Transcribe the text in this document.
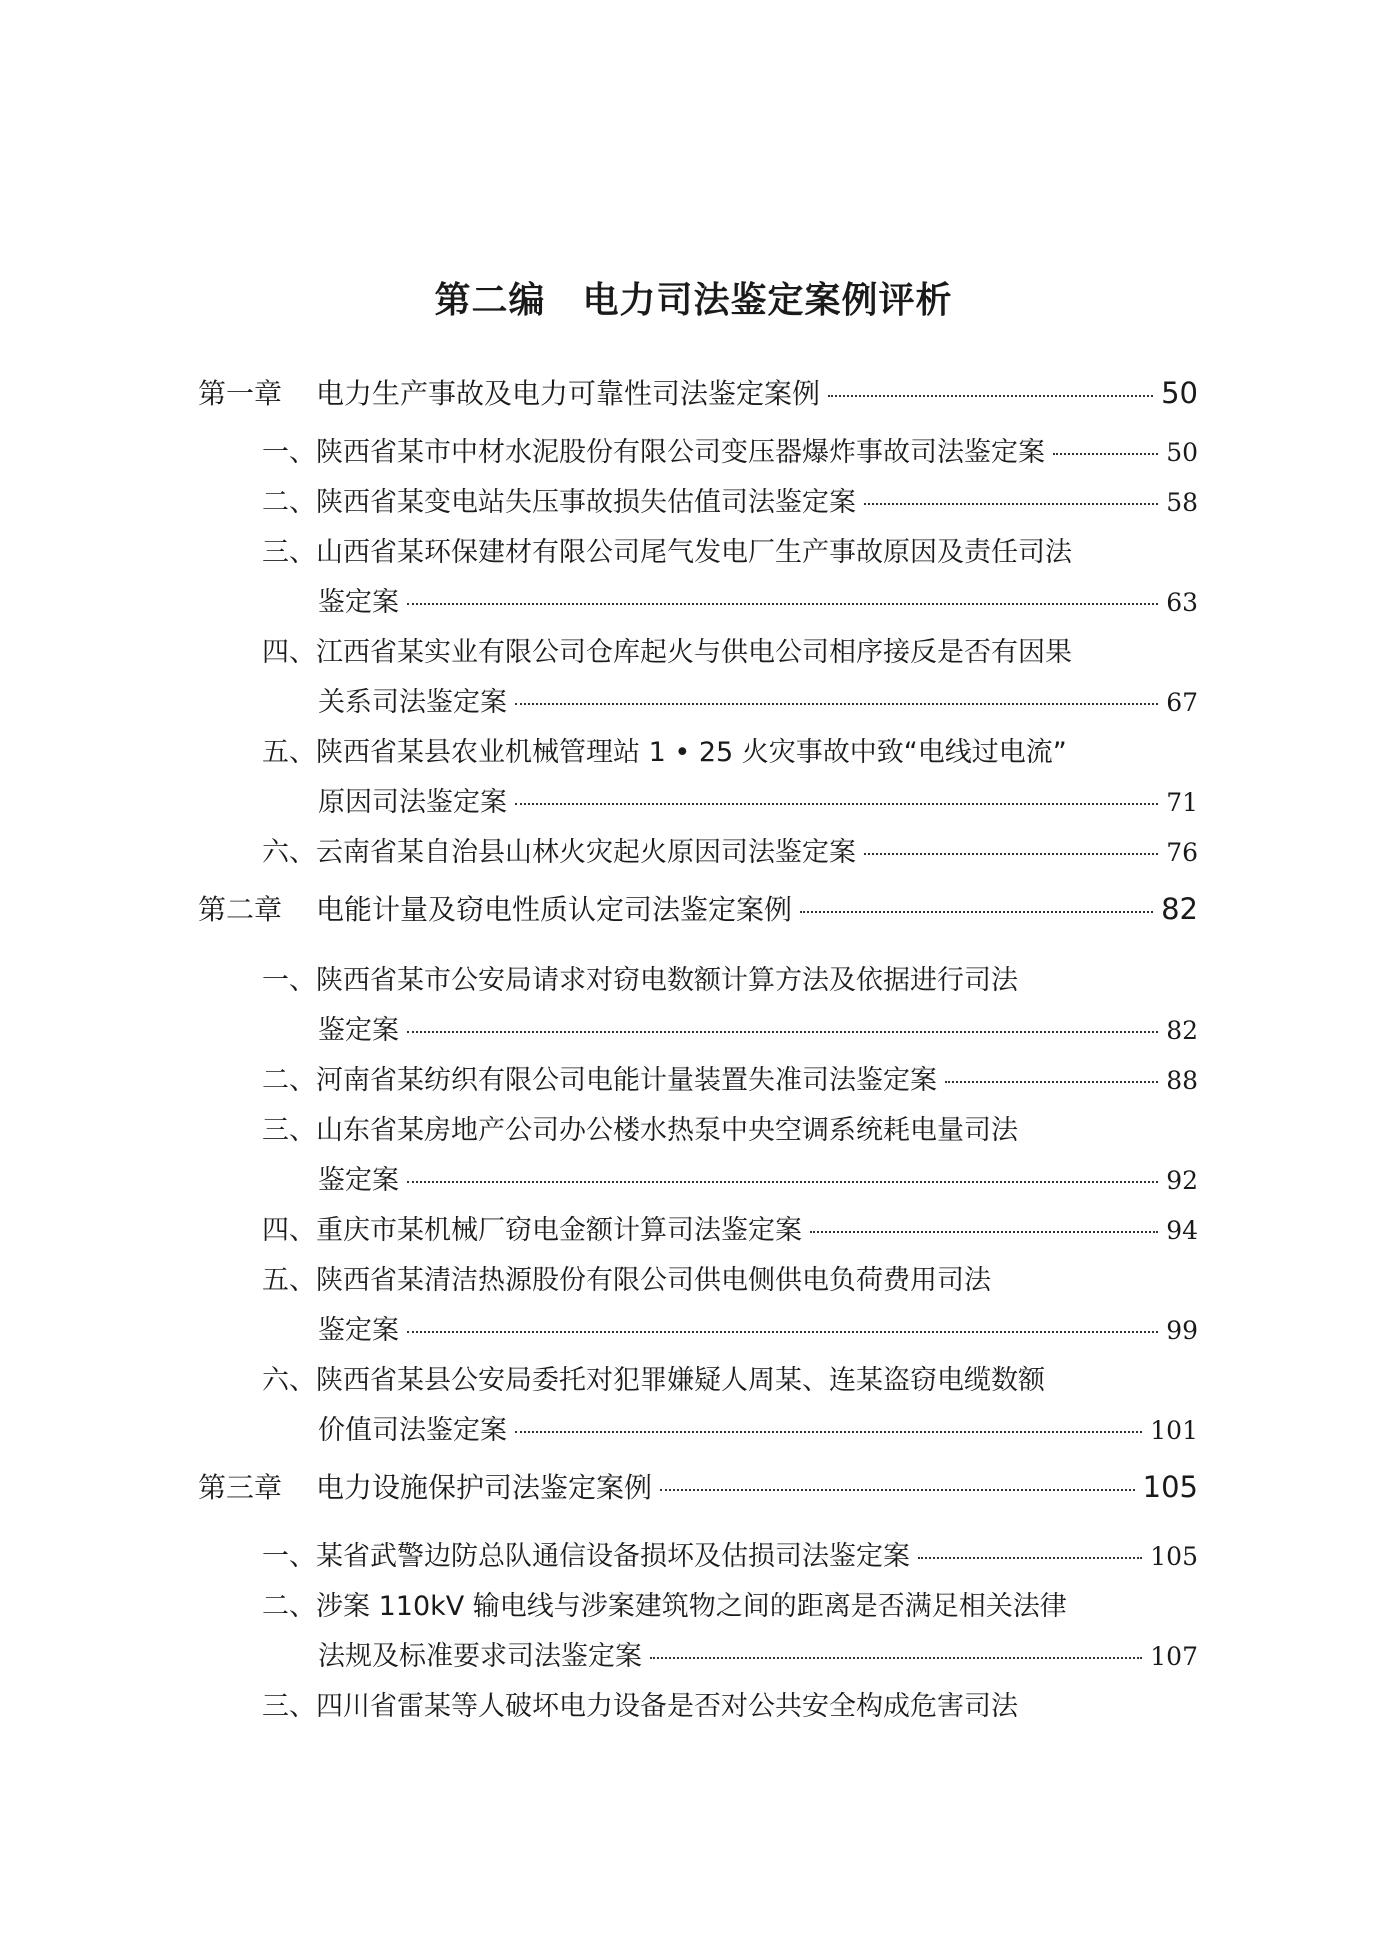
第二编　电力司法鉴定案例评析
第一章	电力生产事故及电力可靠性司法鉴定案例	50
一、 陕西省某市中材水泥股份有限公司变压器爆炸事故司法鉴定案	50
二、 陕西省某变电站失压事故损失估值司法鉴定案	58
三、 山西省某环保建材有限公司尾气发电厂生产事故原因及责任司法
鉴定案	63
四、 江西省某实业有限公司仓库起火与供电公司相序接反是否有因果
关系司法鉴定案	67
五、 陕西省某县农业机械管理站 1 • 25 火灾事故中致“电线过电流”
原因司法鉴定案	71
六、 云南省某自治县山林火灾起火原因司法鉴定案	76
第二章	电能计量及窃电性质认定司法鉴定案例	82
一、 陕西省某市公安局请求对窃电数额计算方法及依据进行司法
鉴定案	82
二、 河南省某纺织有限公司电能计量装置失准司法鉴定案	88
三、 山东省某房地产公司办公楼水热泵中央空调系统耗电量司法
鉴定案	92
四、 重庆市某机械厂窃电金额计算司法鉴定案	94
五、 陕西省某清洁热源股份有限公司供电侧供电负荷费用司法
鉴定案	99
六、 陕西省某县公安局委托对犯罪嫌疑人周某、连某盗窃电缆数额
价值司法鉴定案	101
第三章	电力设施保护司法鉴定案例	105
一、 某省武警边防总队通信设备损坏及估损司法鉴定案	105
二、 涉案 110kV 输电线与涉案建筑物之间的距离是否满足相关法律
法规及标准要求司法鉴定案	107
三、 四川省雷某等人破坏电力设备是否对公共安全构成危害司法
